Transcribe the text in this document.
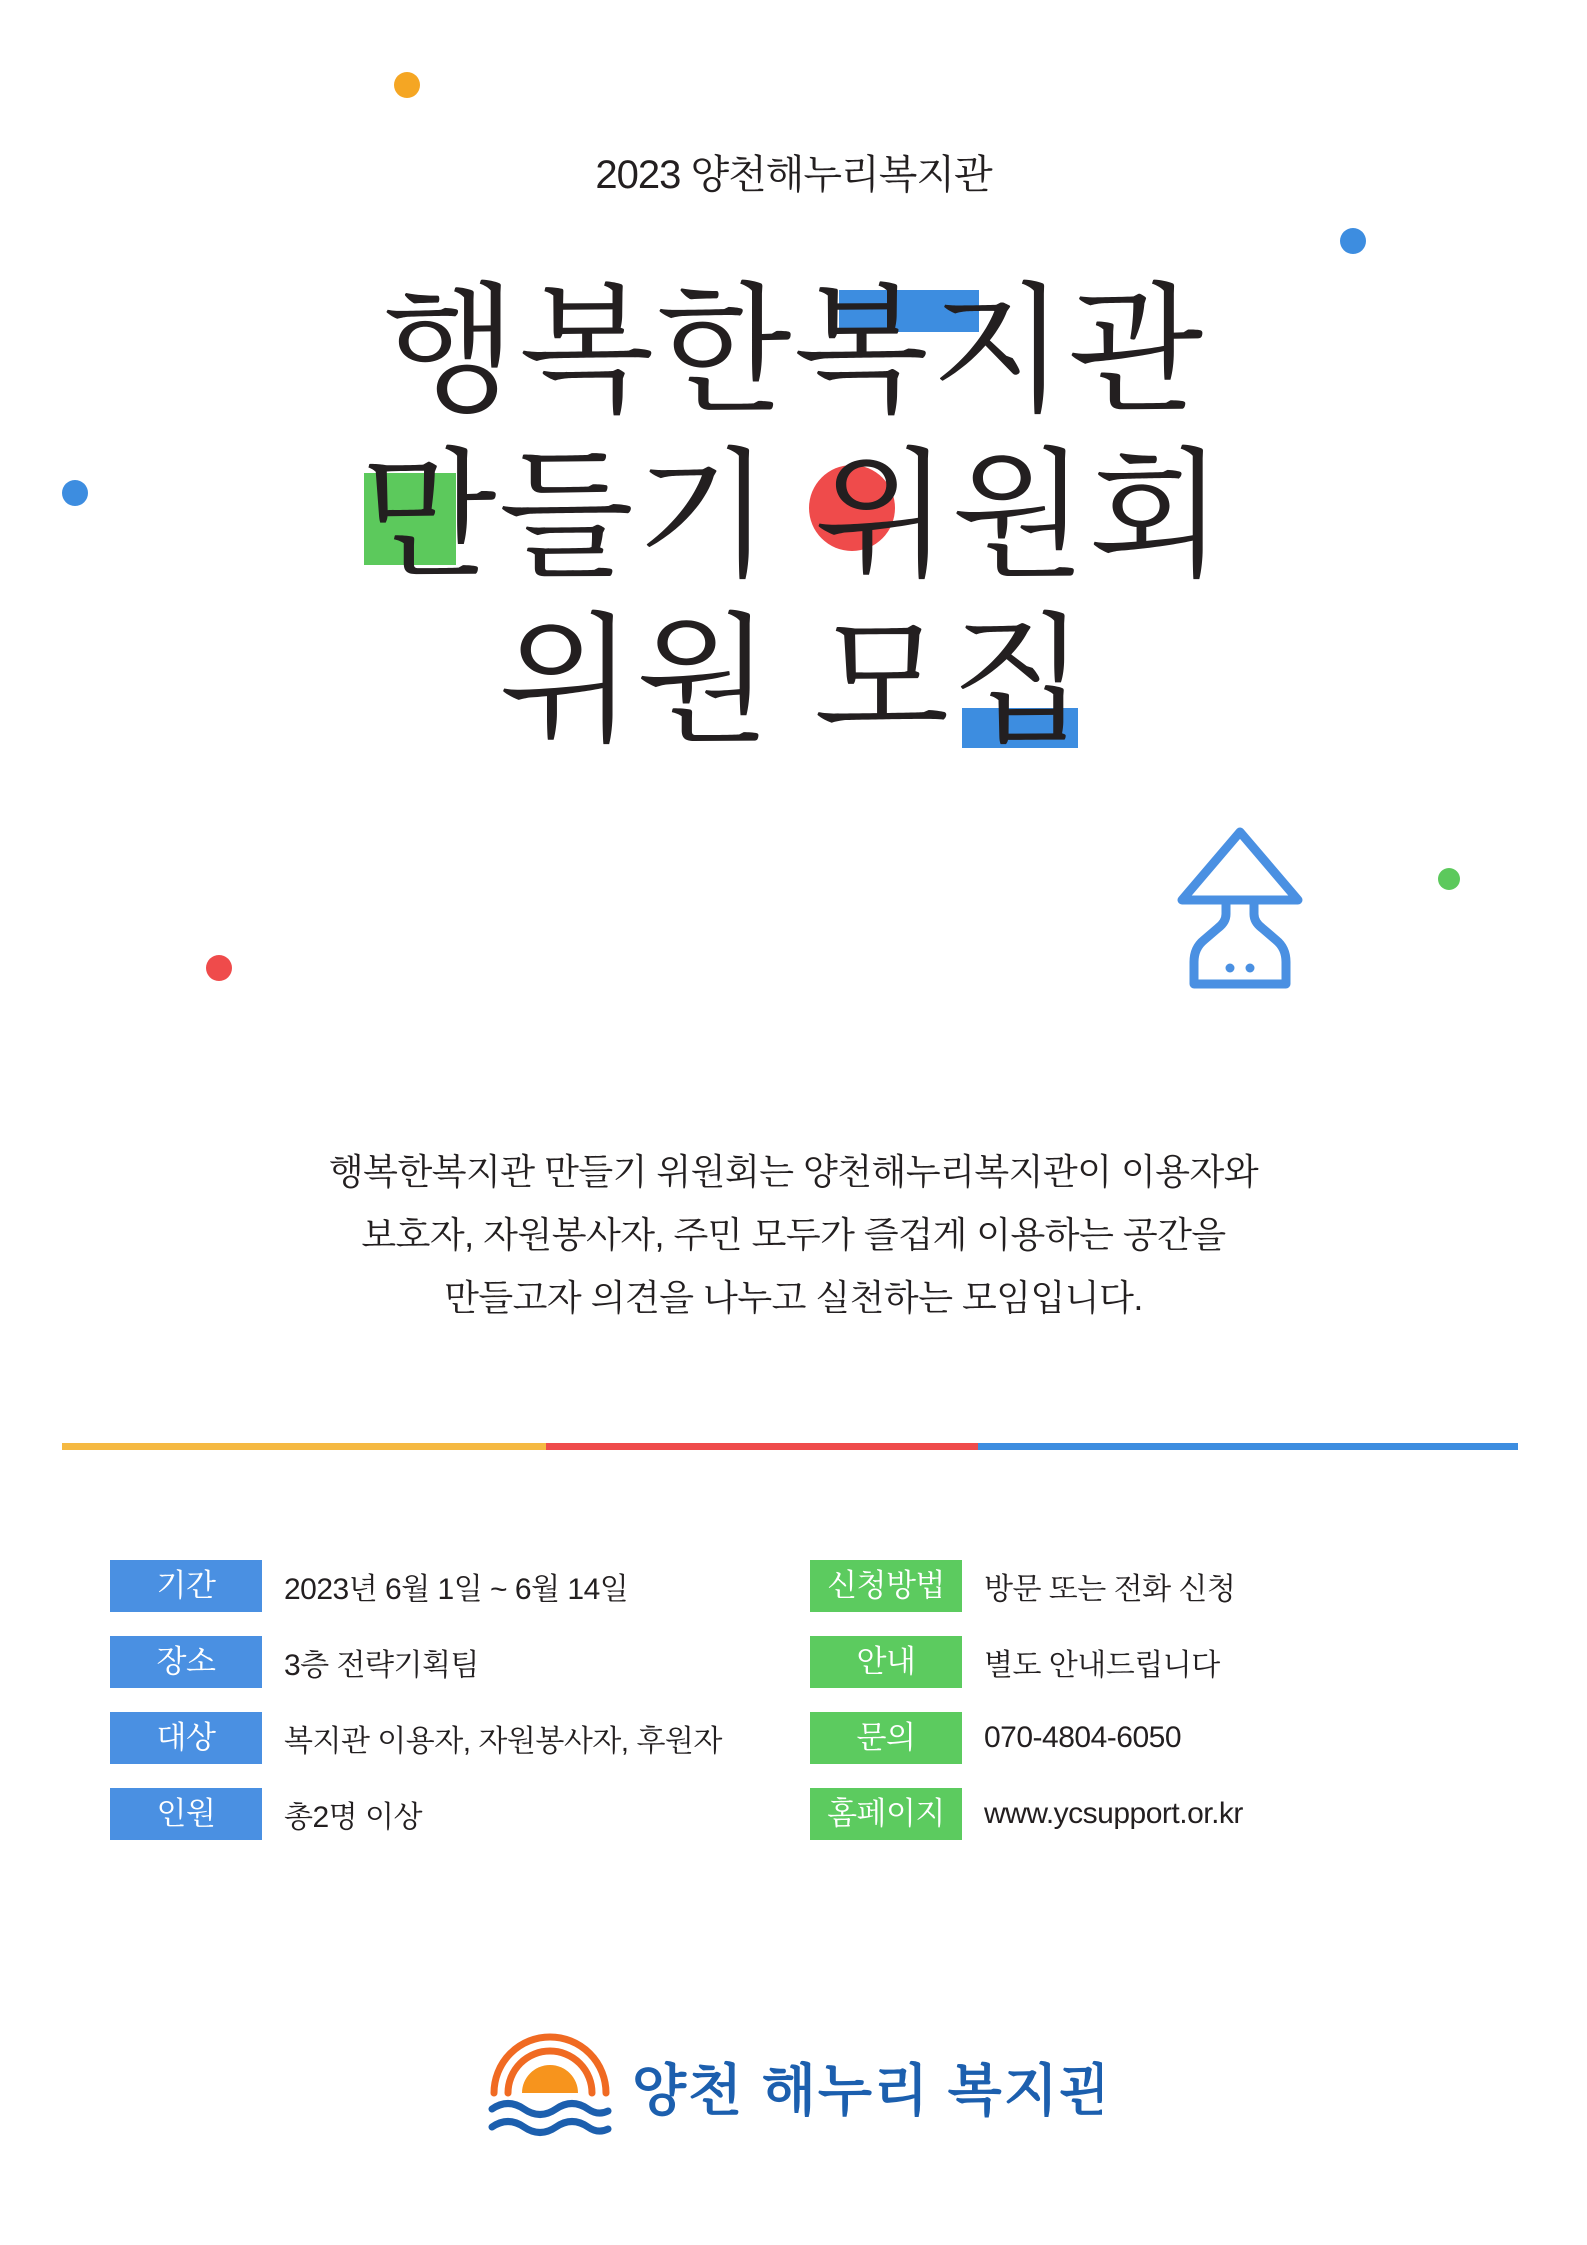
2023 양천해누리복지관
행복한복지관
만들기 위원회
위원 모집
행복한복지관 만들기 위원회는 양천해누리복지관이 이용자와
보호자, 자원봉사자, 주민 모두가 즐겁게 이용하는 공간을
만들고자 의견을 나누고 실천하는 모임입니다.
기간	2023년 6월 1일 ~ 6월 14일
장소	3층 전략기획팀
대상	복지관 이용자, 자원봉사자, 후원자
인원	총2명 이상
신청방법	방문 또는 전화 신청
안내	별도 안내드립니다
문의	070-4804-6050
홈페이지	www.ycsupport.or.kr
양천 해누리 복지관
